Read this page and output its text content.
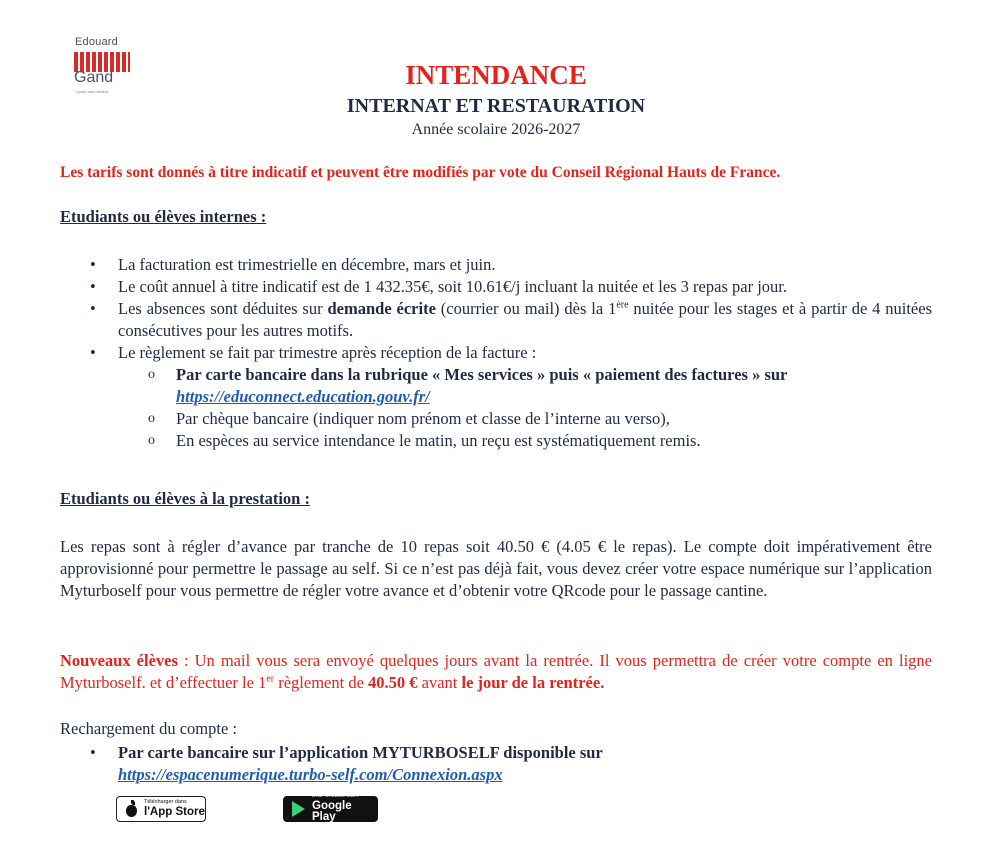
Edouard
Gand
Lycée des métiers
INTENDANCE
INTERNAT ET RESTAURATION
Année scolaire 2026-2027
Les tarifs sont donnés à titre indicatif et peuvent être modifiés par vote du Conseil Régional Hauts de France.
Etudiants ou élèves internes :
• La facturation est trimestrielle en décembre, mars et juin.
• Le coût annuel à titre indicatif est de 1 432.35€, soit 10.61€/j incluant la nuitée et les 3 repas par jour.
• Les absences sont déduites sur demande écrite (courrier ou mail) dès la 1ère nuitée pour les stages et à partir de 4 nuitées consécutives pour les autres motifs.
• Le règlement se fait par trimestre après réception de la facture :
o Par carte bancaire dans la rubrique « Mes services » puis « paiement des factures » sur
https://educonnect.education.gouv.fr/
o Par chèque bancaire (indiquer nom prénom et classe de l’interne au verso),
o En espèces au service intendance le matin, un reçu est systématiquement remis.
Etudiants ou élèves à la prestation :
Les repas sont à régler d’avance par tranche de 10 repas soit 40.50 € (4.05 € le repas). Le compte doit impérativement être approvisionné pour permettre le passage au self. Si ce n’est pas déjà fait, vous devez créer votre espace numérique sur l’application Myturboself pour vous permettre de régler votre avance et d’obtenir votre QRcode pour le passage cantine.
Nouveaux élèves : Un mail vous sera envoyé quelques jours avant la rentrée. Il vous permettra de créer votre compte en ligne Myturboself. et d’effectuer le 1er règlement de 40.50 € avant le jour de la rentrée.
Rechargement du compte :
• Par carte bancaire sur l’application MYTURBOSELF disponible sur
https://espacenumerique.turbo-self.com/Connexion.aspx
Télécharger dans
l'App Store
DISPONIBLE SUR
Google Play
